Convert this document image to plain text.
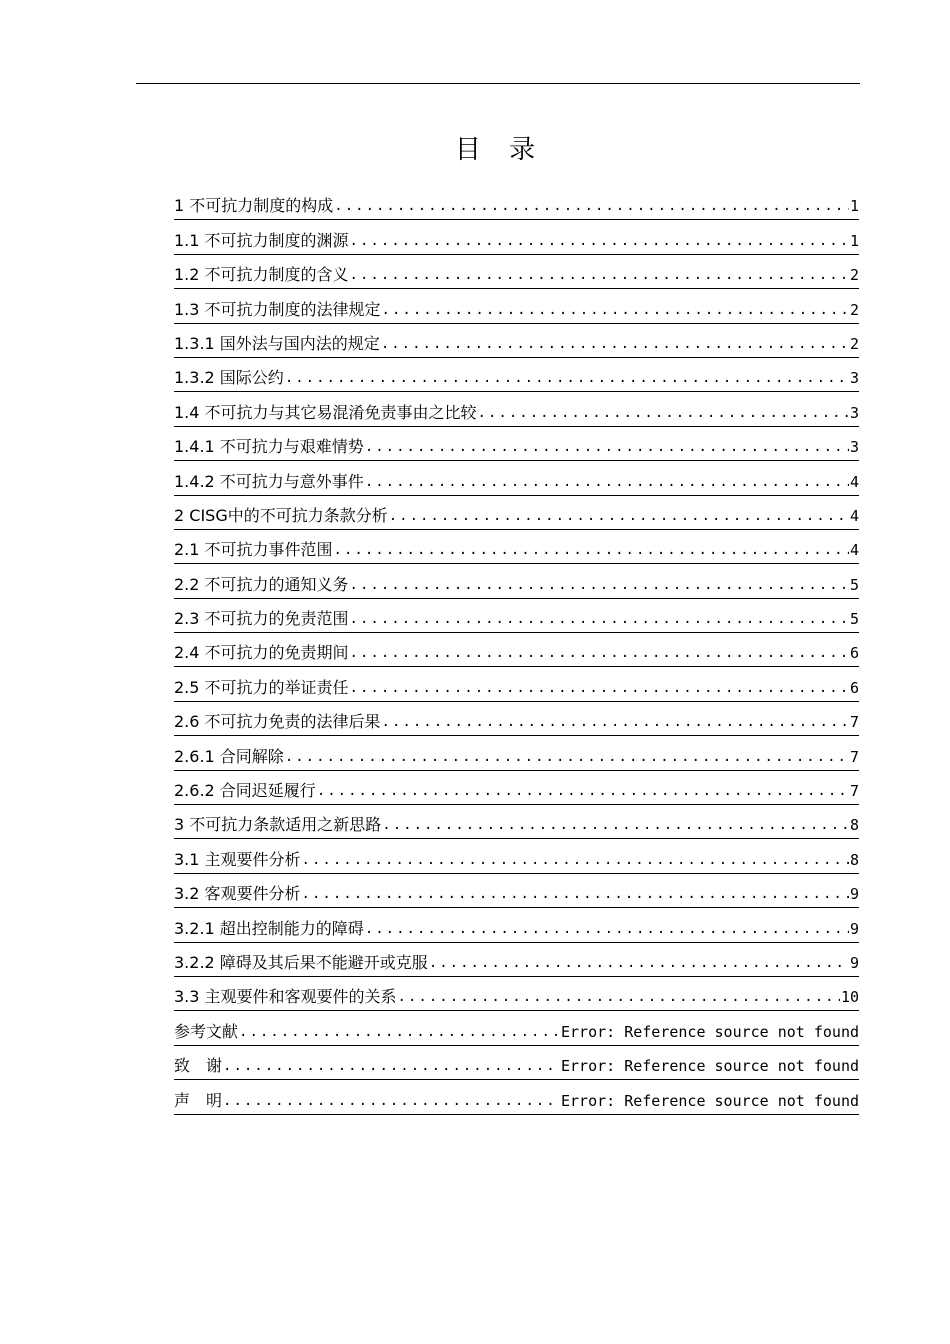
目 录
1 不可抗力制度的构成 .....	1
1.1 不可抗力制度的渊源 .....	1
1.2 不可抗力制度的含义 .....	2
1.3 不可抗力制度的法律规定 .....	2
1.3.1 国外法与国内法的规定 .....	2
1.3.2 国际公约 .....	3
1.4 不可抗力与其它易混淆免责事由之比较 .....	3
1.4.1 不可抗力与艰难情势 .....	3
1.4.2 不可抗力与意外事件 .....	4
2 CISG中的不可抗力条款分析 .....	4
2.1 不可抗力事件范围 .....	4
2.2 不可抗力的通知义务 .....	5
2.3 不可抗力的免责范围 .....	5
2.4 不可抗力的免责期间 .....	6
2.5 不可抗力的举证责任 .....	6
2.6 不可抗力免责的法律后果 .....	7
2.6.1 合同解除 .....	7
2.6.2 合同迟延履行 .....	7
3 不可抗力条款适用之新思路 .....	8
3.1 主观要件分析 .....	8
3.2 客观要件分析 .....	9
3.2.1 超出控制能力的障碍 .....	9
3.2.2 障碍及其后果不能避开或克服 .....	9
3.3 主观要件和客观要件的关系 .....	10
参考文献 .....	Error: Reference source not found
致　谢 .....	Error: Reference source not found
声　明 .....	Error: Reference source not found
